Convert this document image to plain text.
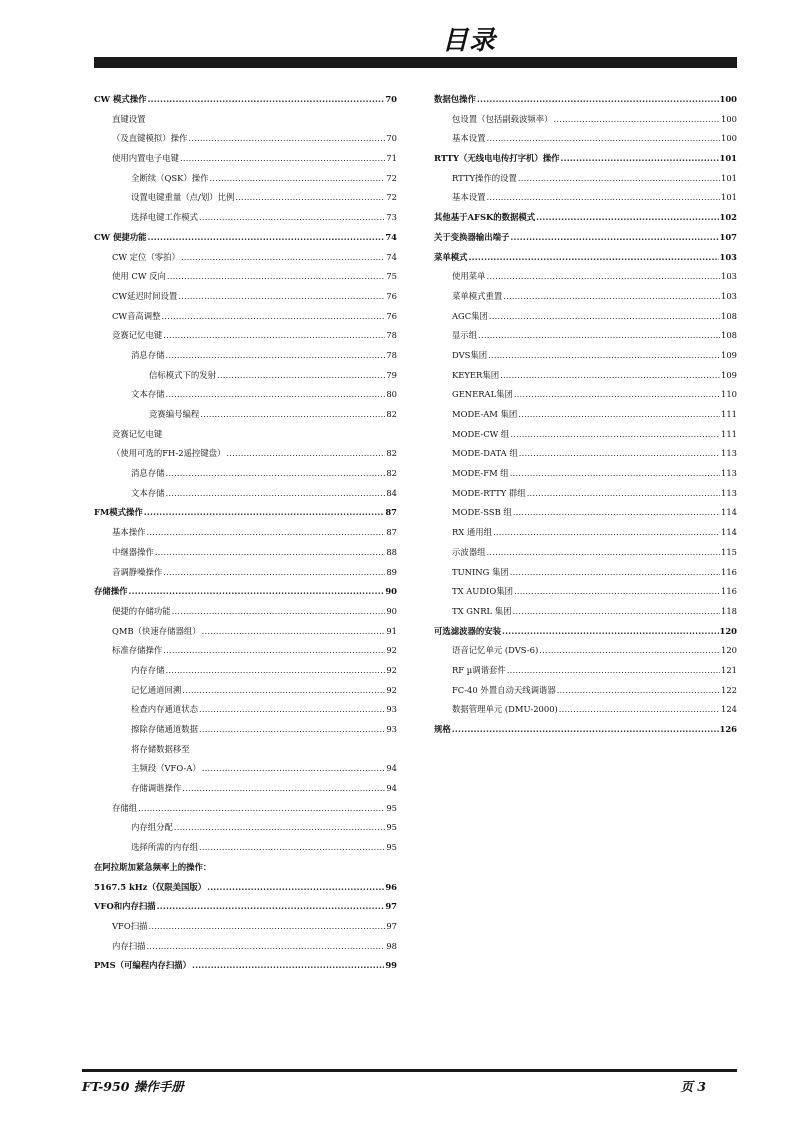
目录
CW 模式操作 .....	70
直键设置
（及直键模拟）操作 .....	70
使用内置电子电键 .....	71
全断续（QSK）操作 .....	72
设置电键重量（点/划）比例 .....	72
选择电键工作模式 .....	73
CW 便捷功能 .....	74
CW 定位（零拍） .....	74
使用 CW 反向 .....	75
CW延迟时间设置 .....	76
CW音高调整 .....	76
竞赛记忆电键 .....	78
消息存储 .....	78
信标模式下的发射 .....	79
文本存储 .....	80
竞赛编号编程 .....	82
竞赛记忆电键
（使用可选的FH-2遥控键盘） .....	82
消息存储 .....	82
文本存储 .....	84
FM模式操作 .....	87
基本操作 .....	87
中继器操作 .....	88
音调静噪操作 .....	89
存储操作 .....	90
便捷的存储功能 .....	90
QMB（快速存储器组） .....	91
标准存储操作 .....	92
内存存储 .....	92
记忆通道回溯 .....	92
检查内存通道状态 .....	93
擦除存储通道数据 .....	93
将存储数据移至
主频段（VFO-A） .....	94
存储调谐操作 .....	94
存储组 .....	95
内存组分配 .....	95
选择所需的内存组 .....	95
在阿拉斯加紧急频率上的操作：
5167.5 kHz（仅限美国版） .....	96
VFO和内存扫描 .....	97
VFO扫描 .....	97
内存扫描 .....	98
PMS（可编程内存扫描） .....	99
数据包操作 .....	100
包设置（包括副载波频率） .....	100
基本设置 .....	100
RTTY（无线电电传打字机）操作 .....	101
RTTY操作的设置 .....	101
基本设置 .....	101
其他基于AFSK的数据模式 .....	102
关于变换器输出端子 .....	107
菜单模式 .....	103
使用菜单 .....	103
菜单模式重置 .....	103
AGC集团 .....	108
显示组 .....	108
DVS集团 .....	109
KEYER集团 .....	109
GENERAL集团 .....	110
MODE-AM 集团 .....	111
MODE-CW 组 .....	111
MODE-DATA 组 .....	113
MODE-FM 组 .....	113
MODE-RTTY 群组 .....	113
MODE-SSB 组 .....	114
RX 通用组 .....	114
示波器组 .....	115
TUNING 集团 .....	116
TX AUDIO集团 .....	116
TX GNRL 集团 .....	118
可选滤波器的安装 .....	120
语音记忆单元 (DVS-6) .....	120
RF µ调谐套件 .....	121
FC-40 外置自动天线调谐器 .....	122
数据管理单元 (DMU-2000) .....	124
规格 .....	126
FT-950 操作手册	页 3
